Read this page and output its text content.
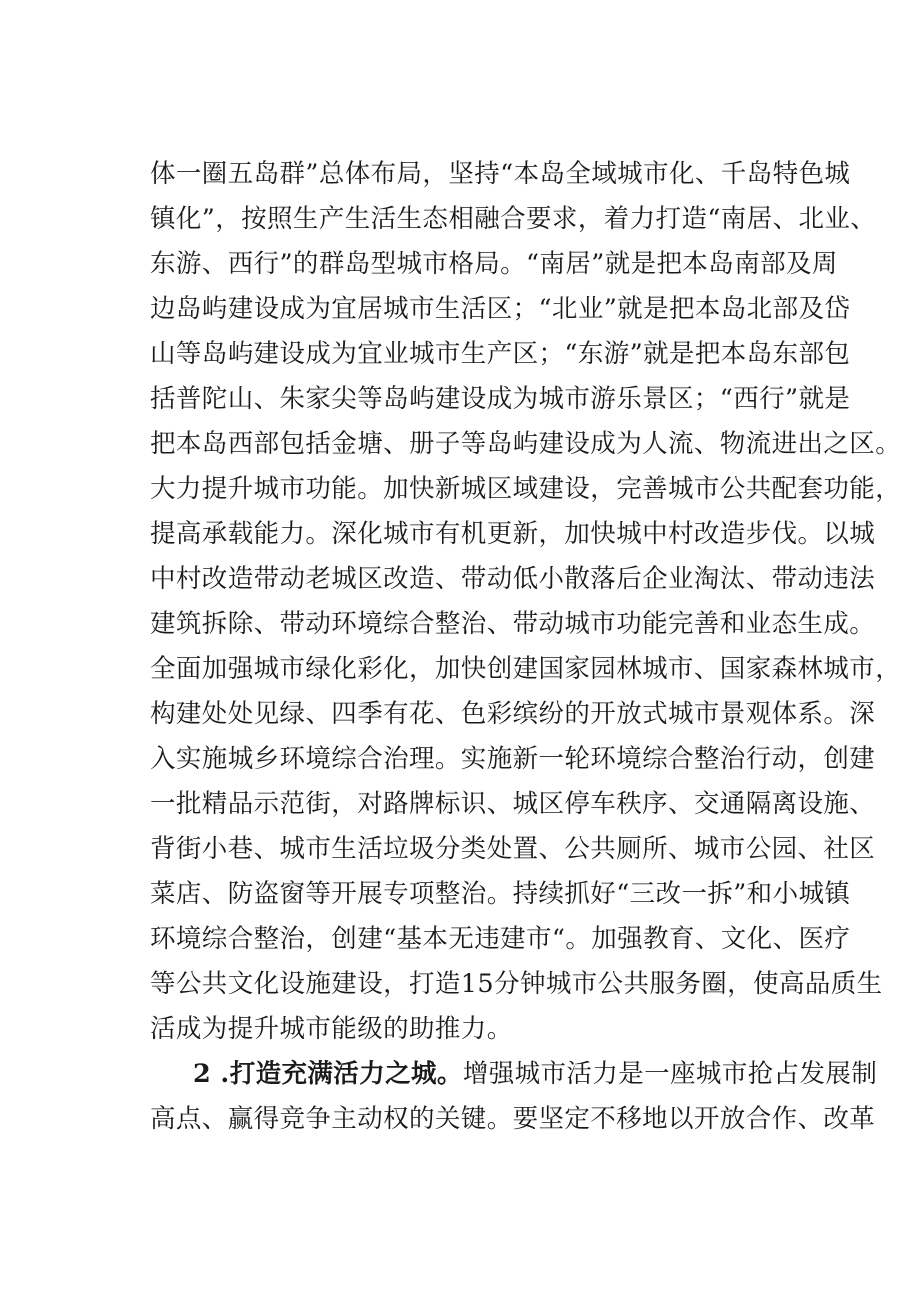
体一圈五岛群”总体布局，坚持“本岛全域城市化、千岛特色城
镇化”，按照生产生活生态相融合要求，着力打造“南居、北业、
东游、西行”的群岛型城市格局。“南居”就是把本岛南部及周
边岛屿建设成为宜居城市生活区；“北业”就是把本岛北部及岱
山等岛屿建设成为宜业城市生产区；“东游”就是把本岛东部包
括普陀山、朱家尖等岛屿建设成为城市游乐景区；“西行”就是
把本岛西部包括金塘、册子等岛屿建设成为人流、物流进出之区。
大力提升城市功能。加快新城区域建设，完善城市公共配套功能，
提高承载能力。深化城市有机更新，加快城中村改造步伐。以城
中村改造带动老城区改造、带动低小散落后企业淘汰、带动违法
建筑拆除、带动环境综合整治、带动城市功能完善和业态生成。
全面加强城市绿化彩化，加快创建国家园林城市、国家森林城市，
构建处处见绿、四季有花、色彩缤纷的开放式城市景观体系。深
入实施城乡环境综合治理。实施新一轮环境综合整治行动，创建
一批精品示范街，对路牌标识、城区停车秩序、交通隔离设施、
背街小巷、城市生活垃圾分类处置、公共厕所、城市公园、社区
菜店、防盗窗等开展专项整治。持续抓好“三改一拆”和小城镇
环境综合整治，创建“基本无违建市“。加强教育、文化、医疗
等公共文化设施建设，打造15分钟城市公共服务圈，使高品质生
活成为提升城市能级的助推力。
2 .打造充满活力之城。增强城市活力是一座城市抢占发展制
高点、赢得竞争主动权的关键。要坚定不移地以开放合作、改革
